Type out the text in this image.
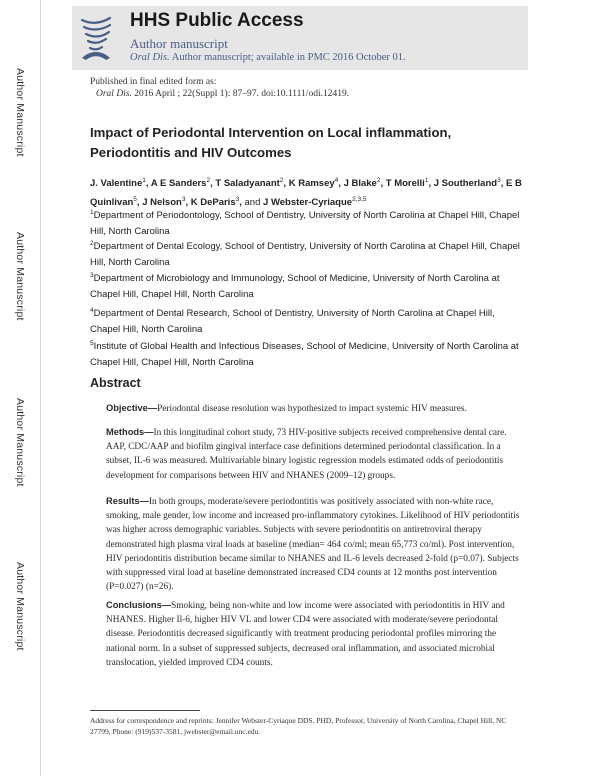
Author Manuscript
Author Manuscript
Author Manuscript
Author Manuscript
HHS Public Access
Author manuscript
Oral Dis. Author manuscript; available in PMC 2016 October 01.
Published in final edited form as:
Oral Dis. 2016 April ; 22(Suppl 1): 87–97. doi:10.1111/odi.12419.
Impact of Periodontal Intervention on Local inflammation, Periodontitis and HIV Outcomes
J. Valentine$^1$, A E Sanders$^2$, T Saladyanant$^2$, K Ramsey$^4$, J Blake$^2$, T Morelli$^1$, J Southerland$^3$, E B Quinlivan$^5$, J Nelson$^3$, K DeParis$^3$, and J Webster-Cyriaque$^{2,3,5}$
$^1$Department of Periodontology, School of Dentistry, University of North Carolina at Chapel Hill, Chapel Hill, North Carolina
$^2$Department of Dental Ecology, School of Dentistry, University of North Carolina at Chapel Hill, Chapel Hill, North Carolina
$^3$Department of Microbiology and Immunology, School of Medicine, University of North Carolina at Chapel Hill, Chapel Hill, North Carolina
$^4$Department of Dental Research, School of Dentistry, University of North Carolina at Chapel Hill, Chapel Hill, North Carolina
$^5$Institute of Global Health and Infectious Diseases, School of Medicine, University of North Carolina at Chapel Hill, Chapel Hill, North Carolina
Abstract
Objective—Periodontal disease resolution was hypothesized to impact systemic HIV measures.
Methods—In this longitudinal cohort study, 73 HIV-positive subjects received comprehensive dental care. AAP, CDC/AAP and biofilm gingival interface case definitions determined periodontal classification. In a subset, IL-6 was measured. Multivariable binary logistic regression models estimated odds of periodontitis development for comparisons between HIV and NHANES (2009–12) groups.
Results—In both groups, moderate/severe periodontitis was positively associated with non-white race, smoking, male gender, low income and increased pro-inflammatory cytokines. Likelihood of HIV periodontitis was higher across demographic variables. Subjects with severe periodontitis on antiretroviral therapy demonstrated high plasma viral loads at baseline (median= 464 co/ml; mean 65,773 co/ml). Post intervention, HIV periodontitis distribution became similar to NHANES and IL-6 levels decreased 2-fold (p=0.07). Subjects with suppressed viral load at baseline demonstrated increased CD4 counts at 12 months post intervention (P=0.027) (n=26).
Conclusions—Smoking, being non-white and low income were associated with periodontitis in HIV and NHANES. Higher Il-6, higher HIV VL and lower CD4 were associated with moderate/severe periodontal disease. Periodontitis decreased significantly with treatment producing periodontal profiles mirroring the national norm. In a subset of suppressed subjects, decreased oral inflammation, and associated microbial translocation, yielded improved CD4 counts.
Address for correspondence and reprints: Jennifer Webster-Cyriaque DDS, PHD, Professor, University of North Carolina, Chapel Hill, NC 27799, Phone: (919)537-3581, jwebster@email.unc.edu.
